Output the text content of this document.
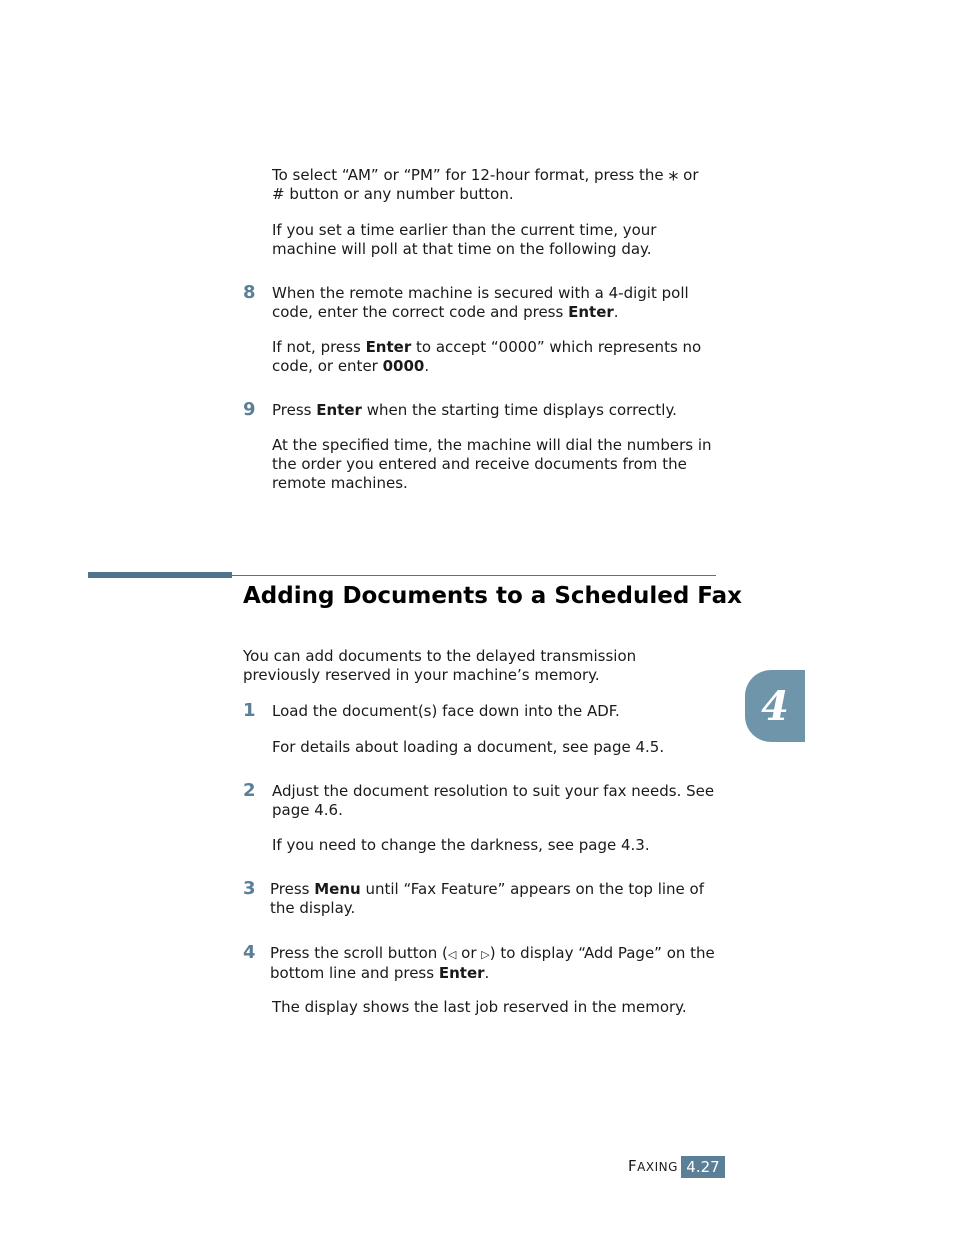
To select “AM” or “PM” for 12-hour format, press the ⁎ or
# button or any number button.

If you set a time earlier than the current time, your machine will poll at that time on the following day.

8 When the remote machine is secured with a 4-digit poll code, enter the correct code and press Enter.

If not, press Enter to accept “0000” which represents no code, or enter 0000.

9 Press Enter when the starting time displays correctly.

At the specified time, the machine will dial the numbers in the order you entered and receive documents from the remote machines.

Adding Documents to a Scheduled Fax

You can add documents to the delayed transmission previously reserved in your machine’s memory.

1 Load the document(s) face down into the ADF.

For details about loading a document, see page 4.5.

2 Adjust the document resolution to suit your fax needs. See page 4.6.

If you need to change the darkness, see page 4.3.

3 Press Menu until “Fax Feature” appears on the top line of the display.

4 Press the scroll button (◁ or ▷) to display “Add Page” on the bottom line and press Enter.

The display shows the last job reserved in the memory.

4
FAXING 4.27
